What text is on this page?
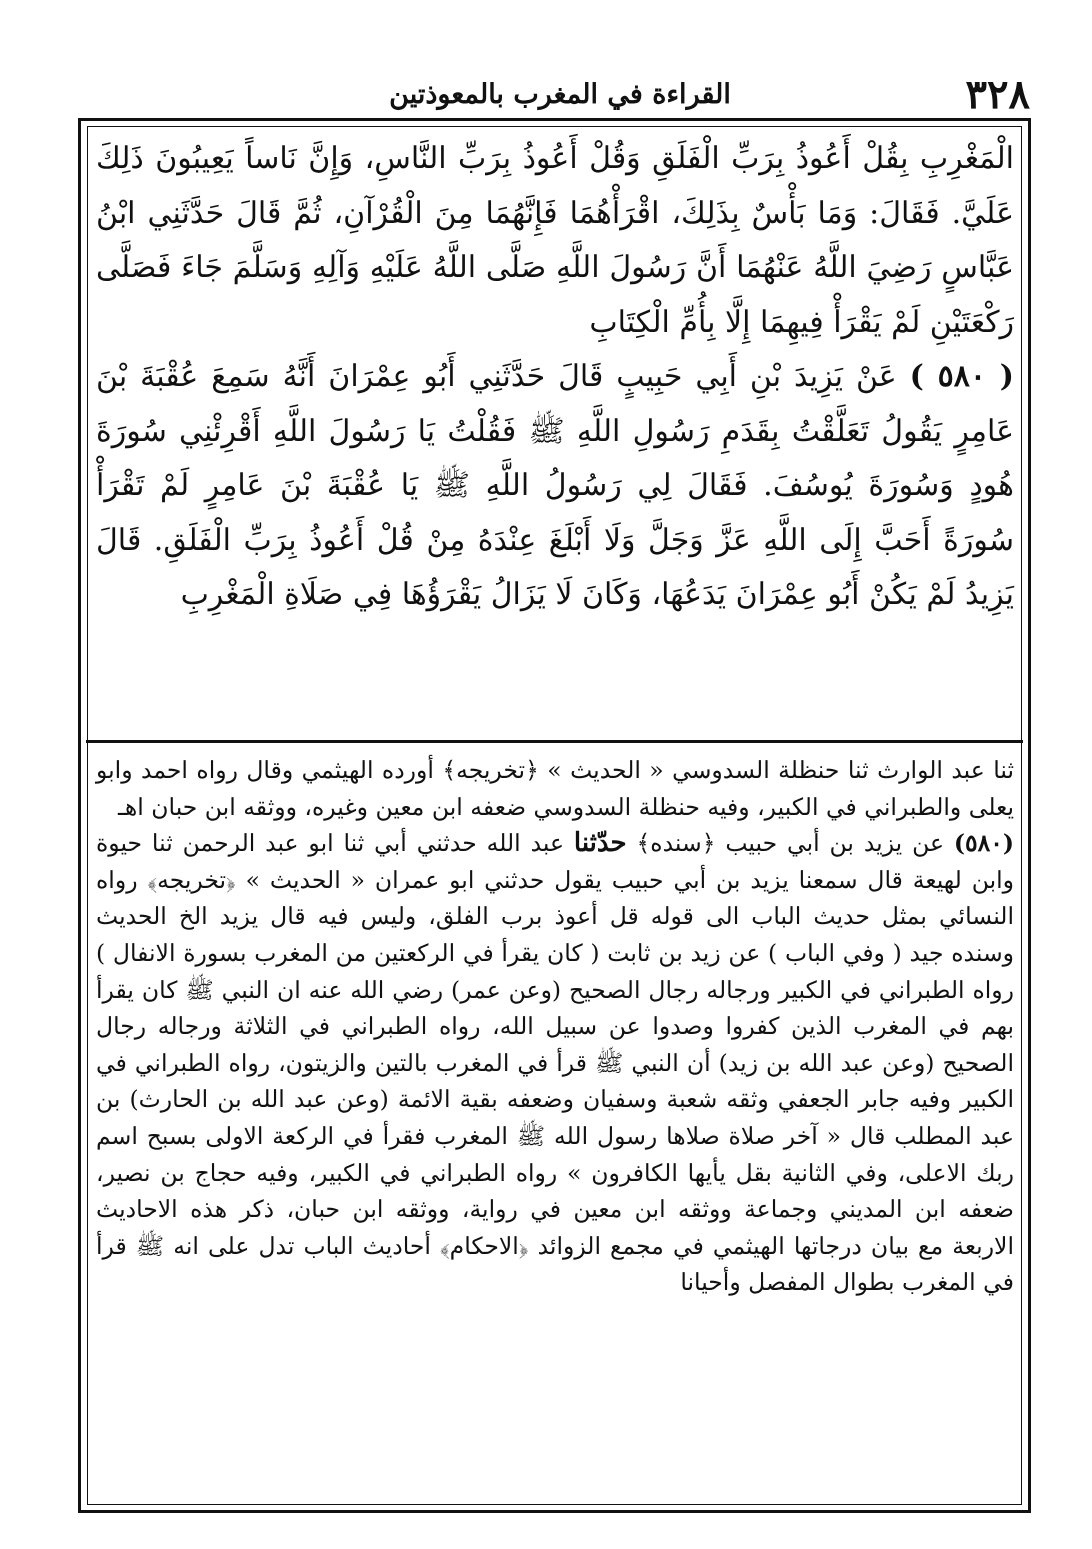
٣٢٨
القراءة في المغرب بالمعوذتين

الْمَغْرِبِ بِقُلْ أَعُوذُ بِرَبِّ الْفَلَقِ وَقُلْ أَعُوذُ بِرَبِّ النَّاسِ، وَإِنَّ نَاساً يَعِيبُونَ ذَلِكَ عَلَيَّ. فَقَالَ: وَمَا بَأْسٌ بِذَلِكَ، اقْرَأْهُمَا فَإِنَّهُمَا مِنَ الْقُرْآنِ، ثُمَّ قَالَ حَدَّثَنِي ابْنُ عَبَّاسٍ رَضِيَ اللَّهُ عَنْهُمَا أَنَّ رَسُولَ اللَّهِ صَلَّى اللَّهُ عَلَيْهِ وَآلِهِ وَسَلَّمَ جَاءَ فَصَلَّى رَكْعَتَيْنِ لَمْ يَقْرَأْ فِيهِمَا إِلَّا بِأُمِّ الْكِتَابِ

( ٥٨٠ ) عَنْ يَزِيدَ بْنِ أَبِي حَبِيبٍ قَالَ حَدَّثَنِي أَبُو عِمْرَانَ أَنَّهُ سَمِعَ عُقْبَةَ بْنَ عَامِرٍ يَقُولُ تَعَلَّقْتُ بِقَدَمِ رَسُولِ اللَّهِ ﷺ فَقُلْتُ يَا رَسُولَ اللَّهِ أَقْرِئْنِي سُورَةَ هُودٍ وَسُورَةَ يُوسُفَ. فَقَالَ لِي رَسُولُ اللَّهِ ﷺ يَا عُقْبَةَ بْنَ عَامِرٍ لَمْ تَقْرَأْ سُورَةً أَحَبَّ إِلَى اللَّهِ عَزَّ وَجَلَّ وَلَا أَبْلَغَ عِنْدَهُ مِنْ قُلْ أَعُوذُ بِرَبِّ الْفَلَقِ. قَالَ يَزِيدُ لَمْ يَكُنْ أَبُو عِمْرَانَ يَدَعُهَا، وَكَانَ لَا يَزَالُ يَقْرَؤُهَا فِي صَلَاةِ الْمَغْرِبِ

ثنا عبد الوارث ثنا حنظلة السدوسي « الحديث » ﴿تخريجه﴾ أورده الهيثمي وقال رواه احمد وابو يعلى والطبراني في الكبير، وفيه حنظلة السدوسي ضعفه ابن معين وغيره، ووثقه ابن حبان اهـ

(٥٨٠) عن يزيد بن أبي حبيب ﴿سنده﴾ حدّثنا عبد الله حدثني أبي ثنا ابو عبد الرحمن ثنا حيوة وابن لهيعة قال سمعنا يزيد بن أبي حبيب يقول حدثني ابو عمران « الحديث » ﴿تخريجه﴾ رواه النسائي بمثل حديث الباب الى قوله قل أعوذ برب الفلق، وليس فيه قال يزيد الخ الحديث وسنده جيد ( وفي الباب ) عن زيد بن ثابت ( كان يقرأ في الركعتين من المغرب بسورة الانفال ) رواه الطبراني في الكبير ورجاله رجال الصحيح (وعن عمر) رضي الله عنه ان النبي ﷺ كان يقرأ بهم في المغرب الذين كفروا وصدوا عن سبيل الله، رواه الطبراني في الثلاثة ورجاله رجال الصحيح (وعن عبد الله بن زيد) أن النبي ﷺ قرأ في المغرب بالتين والزيتون، رواه الطبراني في الكبير وفيه جابر الجعفي وثقه شعبة وسفيان وضعفه بقية الائمة (وعن عبد الله بن الحارث) بن عبد المطلب قال « آخر صلاة صلاها رسول الله ﷺ المغرب فقرأ في الركعة الاولى بسبح اسم ربك الاعلى، وفي الثانية بقل يأيها الكافرون » رواه الطبراني في الكبير، وفيه حجاج بن نصير، ضعفه ابن المديني وجماعة ووثقه ابن معين في رواية، ووثقه ابن حبان، ذكر هذه الاحاديث الاربعة مع بيان درجاتها الهيثمي في مجمع الزوائد ﴿الاحكام﴾ أحاديث الباب تدل على انه ﷺ قرأ في المغرب بطوال المفصل وأحيانا
